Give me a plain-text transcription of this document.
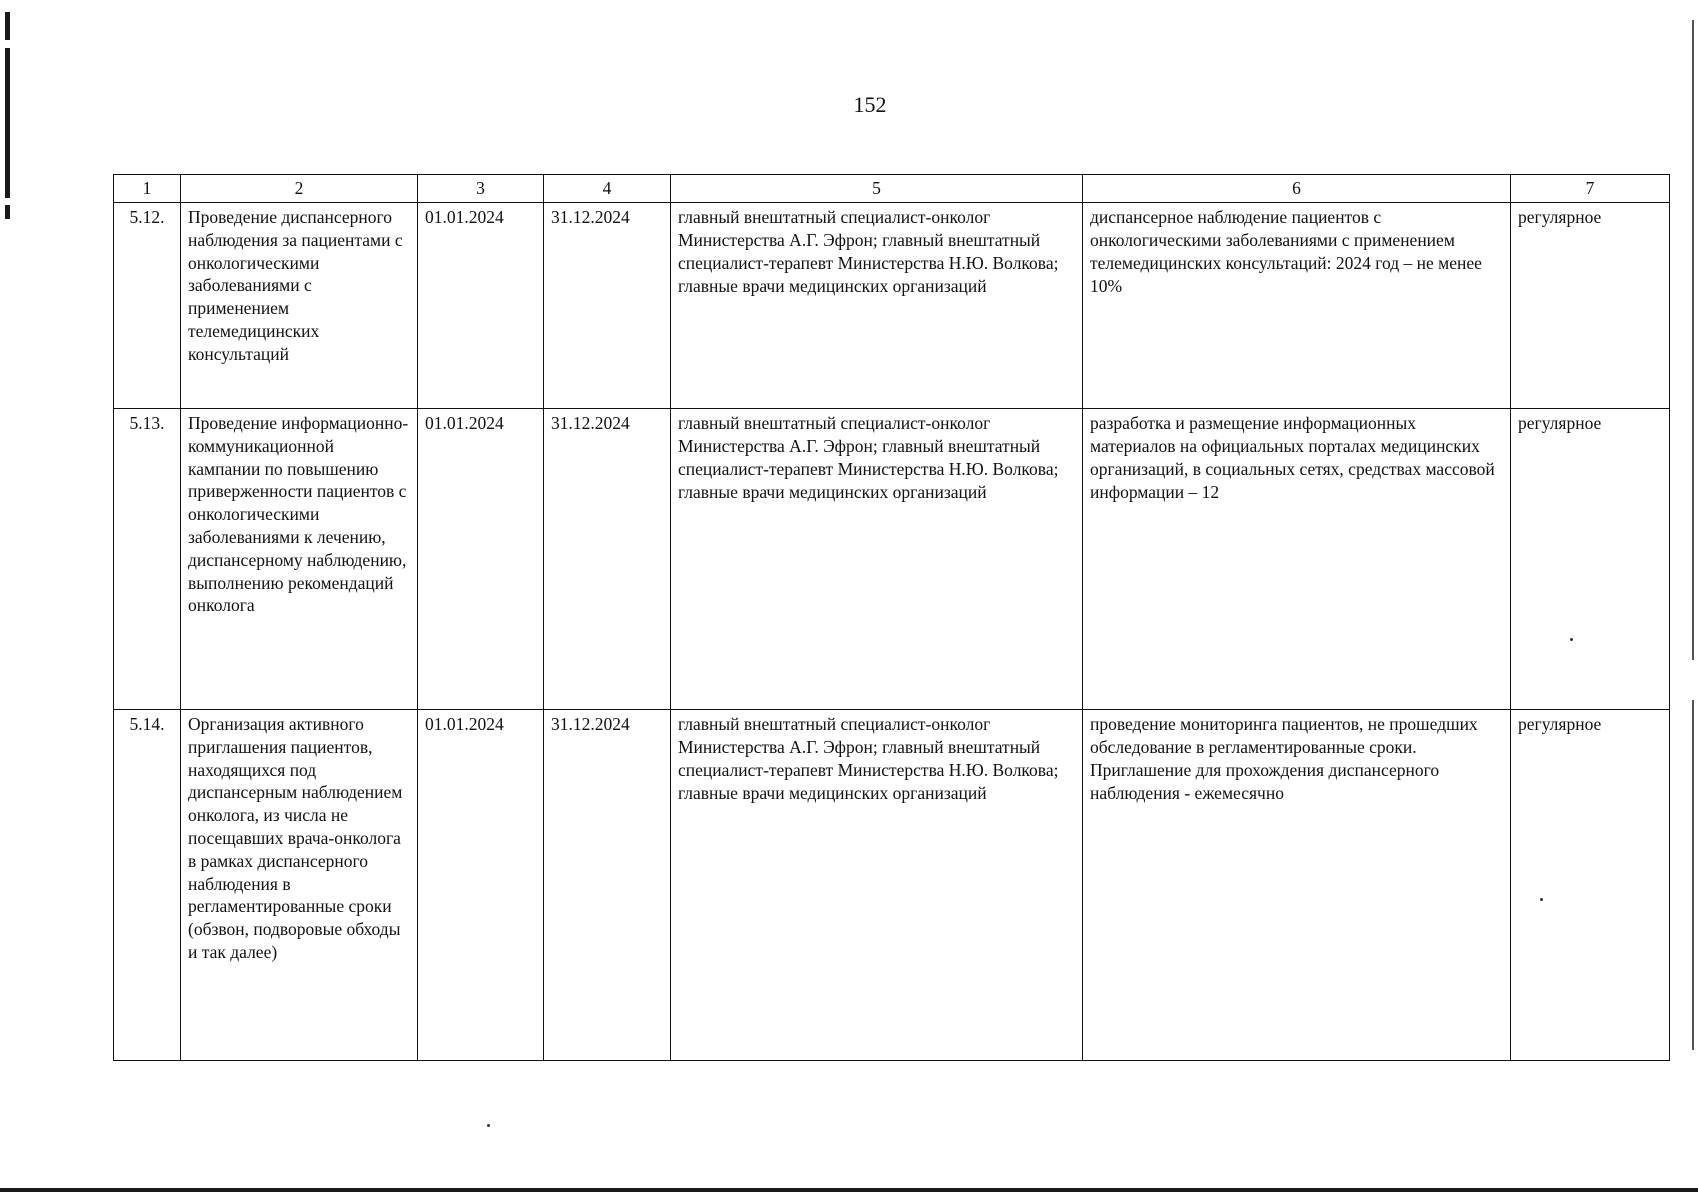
152
1	2	3	4	5	6	7
5.12.	Проведение диспансерного наблюдения за пациентами с онкологическими заболеваниями с применением телемедицинских консультаций	01.01.2024	31.12.2024	главный внештатный специалист-онколог Министерства А.Г. Эфрон; главный внештатный специалист-терапевт Министерства Н.Ю. Волкова; главные врачи медицинских организаций	диспансерное наблюдение пациентов с онкологическими заболеваниями с применением телемедицинских консультаций: 2024 год – не менее 10%	регулярное
5.13.	Проведение информационно-коммуникационной кампании по повышению приверженности пациентов с онкологическими заболеваниями к лечению, диспансерному наблюдению, выполнению рекомендаций онколога	01.01.2024	31.12.2024	главный внештатный специалист-онколог Министерства А.Г. Эфрон; главный внештатный специалист-терапевт Министерства Н.Ю. Волкова; главные врачи медицинских организаций	разработка и размещение информационных материалов на официальных порталах медицинских организаций, в социальных сетях, средствах массовой информации – 12	регулярное
5.14.	Организация активного приглашения пациентов, находящихся под диспансерным наблюдением онколога, из числа не посещавших врача-онколога в рамках диспансерного наблюдения в регламентированные сроки (обзвон, подворовые обходы и так далее)	01.01.2024	31.12.2024	главный внештатный специалист-онколог Министерства А.Г. Эфрон; главный внештатный специалист-терапевт Министерства Н.Ю. Волкова; главные врачи медицинских организаций	проведение мониторинга пациентов, не прошедших обследование в регламентированные сроки. Приглашение для прохождения диспансерного наблюдения - ежемесячно	регулярное
